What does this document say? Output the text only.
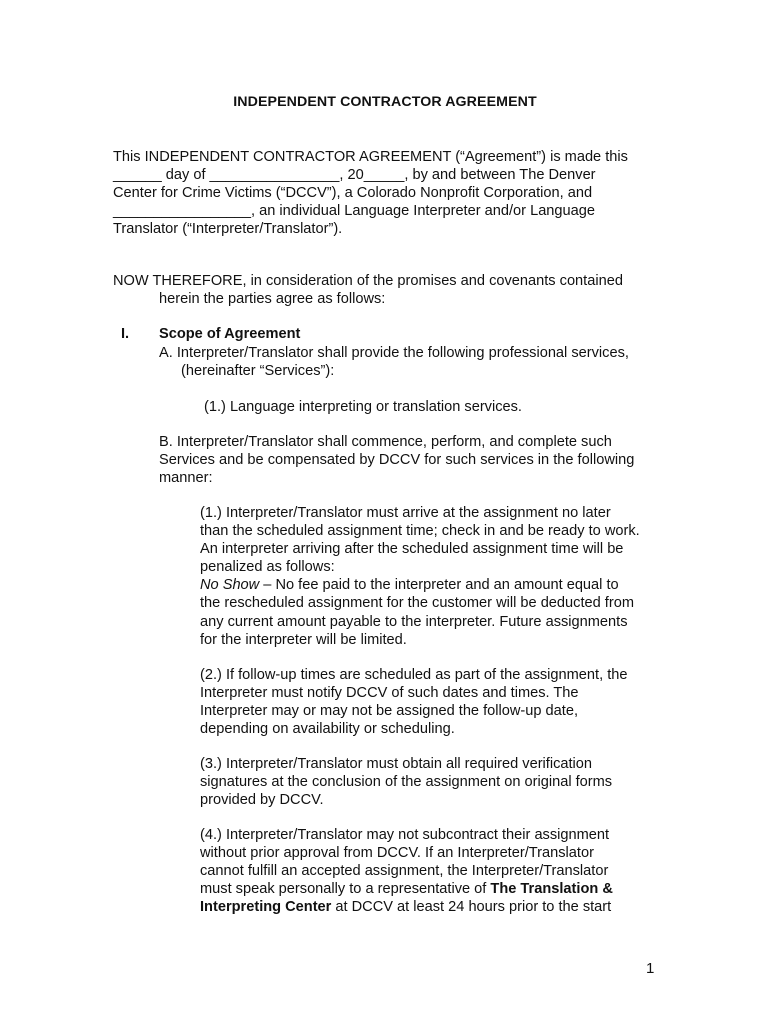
INDEPENDENT CONTRACTOR AGREEMENT

This INDEPENDENT CONTRACTOR AGREEMENT (“Agreement”) is made this
______ day of ________________, 20_____, by and between The Denver
Center for Crime Victims (“DCCV”), a Colorado Nonprofit Corporation, and
_________________, an individual Language Interpreter and/or Language
Translator (“Interpreter/Translator”).

NOW THEREFORE, in consideration of the promises and covenants contained
herein the parties agree as follows:

I. Scope of Agreement

A. Interpreter/Translator shall provide the following professional services,
(hereinafter “Services”):

(1.) Language interpreting or translation services.

B. Interpreter/Translator shall commence, perform, and complete such
Services and be compensated by DCCV for such services in the following
manner:

(1.) Interpreter/Translator must arrive at the assignment no later
than the scheduled assignment time; check in and be ready to work.
An interpreter arriving after the scheduled assignment time will be
penalized as follows:
No Show – No fee paid to the interpreter and an amount equal to
the rescheduled assignment for the customer will be deducted from
any current amount payable to the interpreter. Future assignments
for the interpreter will be limited.

(2.) If follow-up times are scheduled as part of the assignment, the
Interpreter must notify DCCV of such dates and times. The
Interpreter may or may not be assigned the follow-up date,
depending on availability or scheduling.

(3.) Interpreter/Translator must obtain all required verification
signatures at the conclusion of the assignment on original forms
provided by DCCV.

(4.) Interpreter/Translator may not subcontract their assignment
without prior approval from DCCV. If an Interpreter/Translator
cannot fulfill an accepted assignment, the Interpreter/Translator
must speak personally to a representative of The Translation &
Interpreting Center at DCCV at least 24 hours prior to the start

1
